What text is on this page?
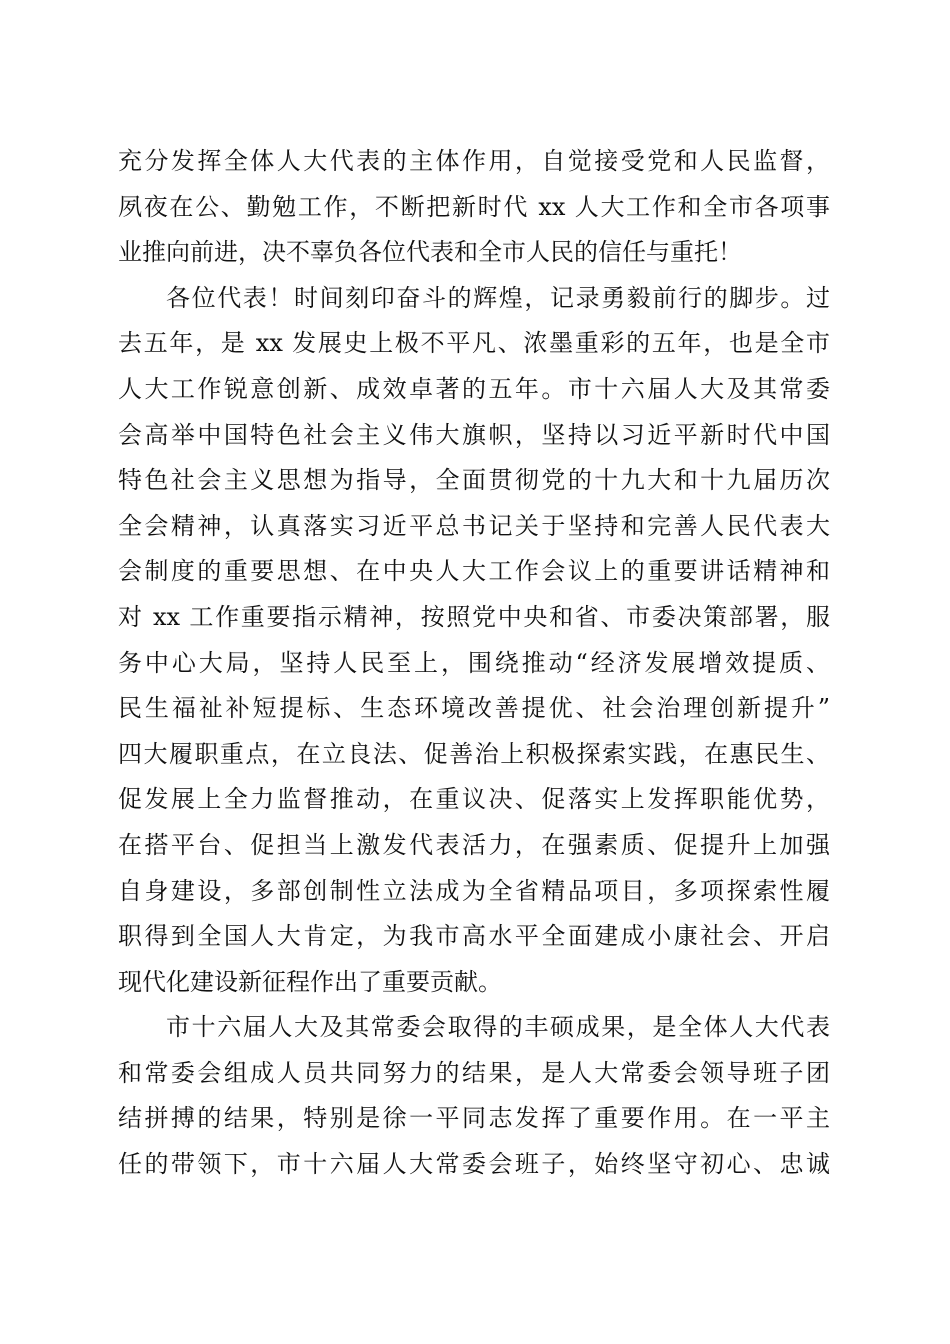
充分发挥全体人大代表的主体作用，自觉接受党和人民监督，
夙夜在公、勤勉工作，不断把新时代 xx 人大工作和全市各项事
业推向前进，决不辜负各位代表和全市人民的信任与重托！
各位代表！时间刻印奋斗的辉煌，记录勇毅前行的脚步。过
去五年，是 xx 发展史上极不平凡、浓墨重彩的五年，也是全市
人大工作锐意创新、成效卓著的五年。市十六届人大及其常委
会高举中国特色社会主义伟大旗帜，坚持以习近平新时代中国
特色社会主义思想为指导，全面贯彻党的十九大和十九届历次
全会精神，认真落实习近平总书记关于坚持和完善人民代表大
会制度的重要思想、在中央人大工作会议上的重要讲话精神和
对 xx 工作重要指示精神，按照党中央和省、市委决策部署，服
务中心大局，坚持人民至上，围绕推动“经济发展增效提质、
民生福祉补短提标、生态环境改善提优、社会治理创新提升”
四大履职重点，在立良法、促善治上积极探索实践，在惠民生、
促发展上全力监督推动，在重议决、促落实上发挥职能优势，
在搭平台、促担当上激发代表活力，在强素质、促提升上加强
自身建设，多部创制性立法成为全省精品项目，多项探索性履
职得到全国人大肯定，为我市高水平全面建成小康社会、开启
现代化建设新征程作出了重要贡献。
市十六届人大及其常委会取得的丰硕成果，是全体人大代表
和常委会组成人员共同努力的结果，是人大常委会领导班子团
结拼搏的结果，特别是徐一平同志发挥了重要作用。在一平主
任的带领下，市十六届人大常委会班子，始终坚守初心、忠诚
